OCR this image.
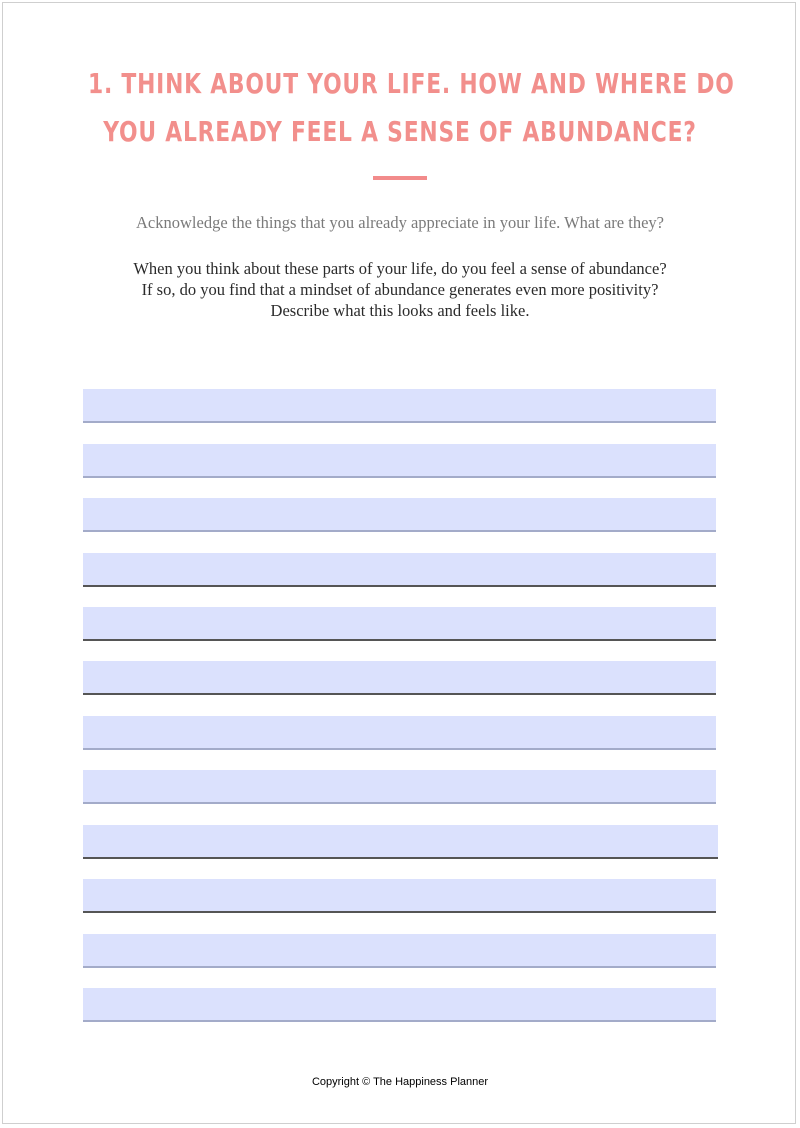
1. THINK ABOUT YOUR LIFE. HOW AND WHERE DO
YOU ALREADY FEEL A SENSE OF ABUNDANCE?
Acknowledge the things that you already appreciate in your life. What are they?
When you think about these parts of your life, do you feel a sense of abundance?
If so, do you find that a mindset of abundance generates even more positivity?
Describe what this looks and feels like.
Copyright © The Happiness Planner
